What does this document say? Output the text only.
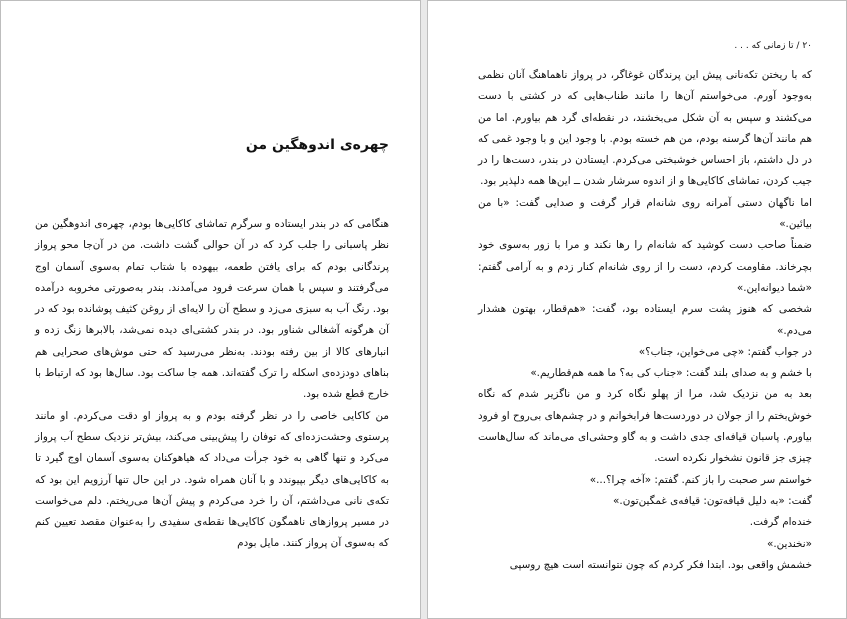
چهره‌ی اندوهگین من

هنگامی که در بندر ایستاده و سرگرم تماشای کاکایی‌ها بودم، چهره‌ی اندوهگین من نظر پاسبانی را جلب کرد که در آن حوالی گشت داشت. من در آن‌جا محو پرواز پرندگانی بودم که برای یافتن طعمه، بیهوده با شتاب تمام به‌سوی آسمان اوج می‌گرفتند و سپس با همان سرعت فرود می‌آمدند. بندر به‌صورتی مخروبه درآمده بود. رنگ آب به سبزی می‌زد و سطح آن را لایه‌ای از روغن کثیف پوشانده بود که در آن هرگونه آشغالی شناور بود. در بندر کشتی‌ای دیده نمی‌شد، بالابرها زنگ زده و انبارهای کالا از بین رفته بودند. به‌نظر می‌رسید که حتی موش‌های صحرایی هم بناهای دودزده‌ی اسکله را ترک گفته‌اند. همه جا ساکت بود. سال‌ها بود که ارتباط با خارج قطع شده بود.

من کاکایی خاصی را در نظر گرفته بودم و به پرواز او دقت می‌کردم. او مانند پرستوی وحشت‌زده‌ای که توفان را پیش‌بینی می‌کند، بیش‌تر نزدیک سطح آب پرواز می‌کرد و تنها گاهی به خود جرأت می‌داد که هیاهوکنان به‌سوی آسمان اوج گیرد تا به کاکایی‌های دیگر بپیوندد و با آنان همراه شود. در این حال تنها آرزویم این بود که تکه‌ی نانی می‌داشتم، آن را خرد می‌کردم و پیش آن‌ها می‌ریختم. دلم می‌خواست در مسیر پروازهای ناهمگون کاکایی‌ها نقطه‌ی سفیدی را به‌عنوان مقصد تعیین کنم که به‌سوی آن پرواز کنند. مایل بودم

۲۰ / تا زمانی که . . .

که با ریختن تکه‌نانی پیش این پرندگان غوغاگر، در پرواز ناهماهنگ آنان نظمی به‌وجود آورم. می‌خواستم آن‌ها را مانند طناب‌هایی که در کشتی با دست می‌کشند و سپس به آن شکل می‌بخشند، در نقطه‌ای گرد هم بیاورم. اما من هم مانند آن‌ها گرسنه بودم، من هم خسته بودم. با وجود این و با وجود غمی که در دل داشتم، باز احساس خوشبختی می‌کردم. ایستادن در بندر، دست‌ها را در جیب کردن، تماشای کاکایی‌ها و از اندوه سرشار شدن ــ این‌ها همه دلپذیر بود.

اما ناگهان دستی آمرانه روی شانه‌ام قرار گرفت و صدایی گفت: «با من بیائین.»

ضمناً صاحب دست کوشید که شانه‌ام را رها نکند و مرا با زور به‌سوی خود بچرخاند. مقاومت کردم، دست را از روی شانه‌ام کنار زدم و به آرامی گفتم: «شما دیوانه‌این.»

شخصی که هنوز پشت سرم ایستاده بود، گفت: «هم‌قطار، بهتون هشدار می‌دم.»

در جواب گفتم: «چی می‌خواین، جناب؟»

با خشم و به صدای بلند گفت: «جناب کی به؟ ما همه هم‌قطاریم.»

بعد به من نزدیک شد، مرا از پهلو نگاه کرد و من ناگزیر شدم که نگاه خوش‌بختم را از جولان در دوردست‌ها فرابخوانم و در چشم‌های بی‌روح او فرود بیاورم. پاسبان قیافه‌ای جدی داشت و به گاو وحشی‌ای می‌ماند که سال‌هاست چیزی جز قانون نشخوار نکرده است.

خواستم سر صحبت را باز کنم. گفتم: «آخه چرا؟...»

گفت: «به دلیل قیافه‌تون: قیافه‌ی غمگین‌تون.»

خنده‌ام گرفت.

«نخندین.»

خشمش واقعی بود. ابتدا فکر کردم که چون نتوانسته است هیچ روسپی
